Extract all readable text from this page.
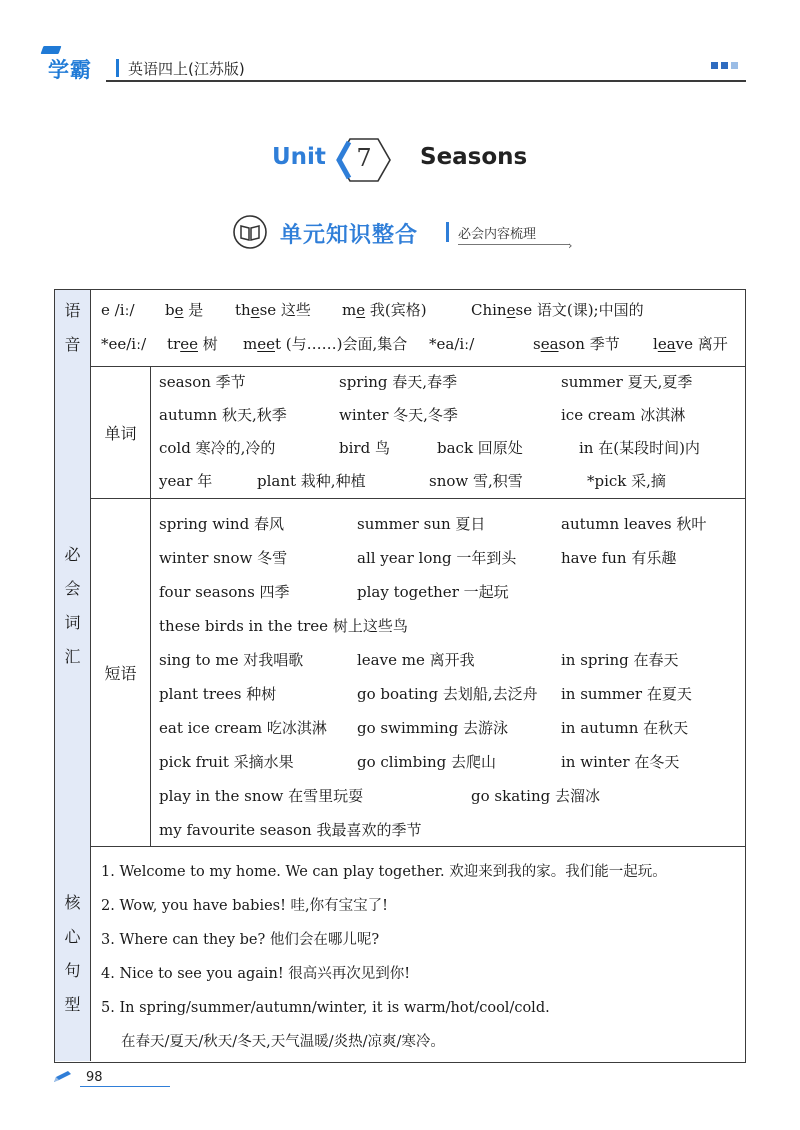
学霸 英语四上(江苏版)
Unit	7	Seasons
单元知识整合	必会内容梳理
›
语
音
e /iː/ be 是 these 这些 me 我(宾格)	Chinese 语文(课);中国的
*ee/iː/ tree 树 meet (与……)会面,集合 *ea/iː/	season 季节 leave 离开
必
会
词
汇
单词
season 季节	spring 春天,春季	summer 夏天,夏季
autumn 秋天,秋季	winter 冬天,冬季	ice cream 冰淇淋
cold 寒冷的,冷的	bird 鸟	back 回原处	in 在(某段时间)内
year 年	plant 栽种,种植	snow 雪,积雪	*pick 采,摘
短语
spring wind 春风	summer sun 夏日	autumn leaves 秋叶
winter snow 冬雪	all year long 一年到头	have fun 有乐趣
four seasons 四季	play together 一起玩
these birds in the tree 树上这些鸟
sing to me 对我唱歌	leave me 离开我	in spring 在春天
plant trees 种树	go boating 去划船,去泛舟 in summer 在夏天
eat ice cream 吃冰淇淋 go swimming 去游泳	in autumn 在秋天
pick fruit 采摘水果	go climbing 去爬山	in winter 在冬天
play in the snow 在雪里玩耍	go skating 去溜冰
my favourite season 我最喜欢的季节
核
心
句
型
1. Welcome to my home. We can play together. 欢迎来到我的家。我们能一起玩。
2. Wow, you have babies! 哇,你有宝宝了!
3. Where can they be? 他们会在哪儿呢?
4. Nice to see you again! 很高兴再次见到你!
5. In spring/summer/autumn/winter, it is warm/hot/cool/cold.
在春天/夏天/秋天/冬天,天气温暖/炎热/凉爽/寒冷。
98
